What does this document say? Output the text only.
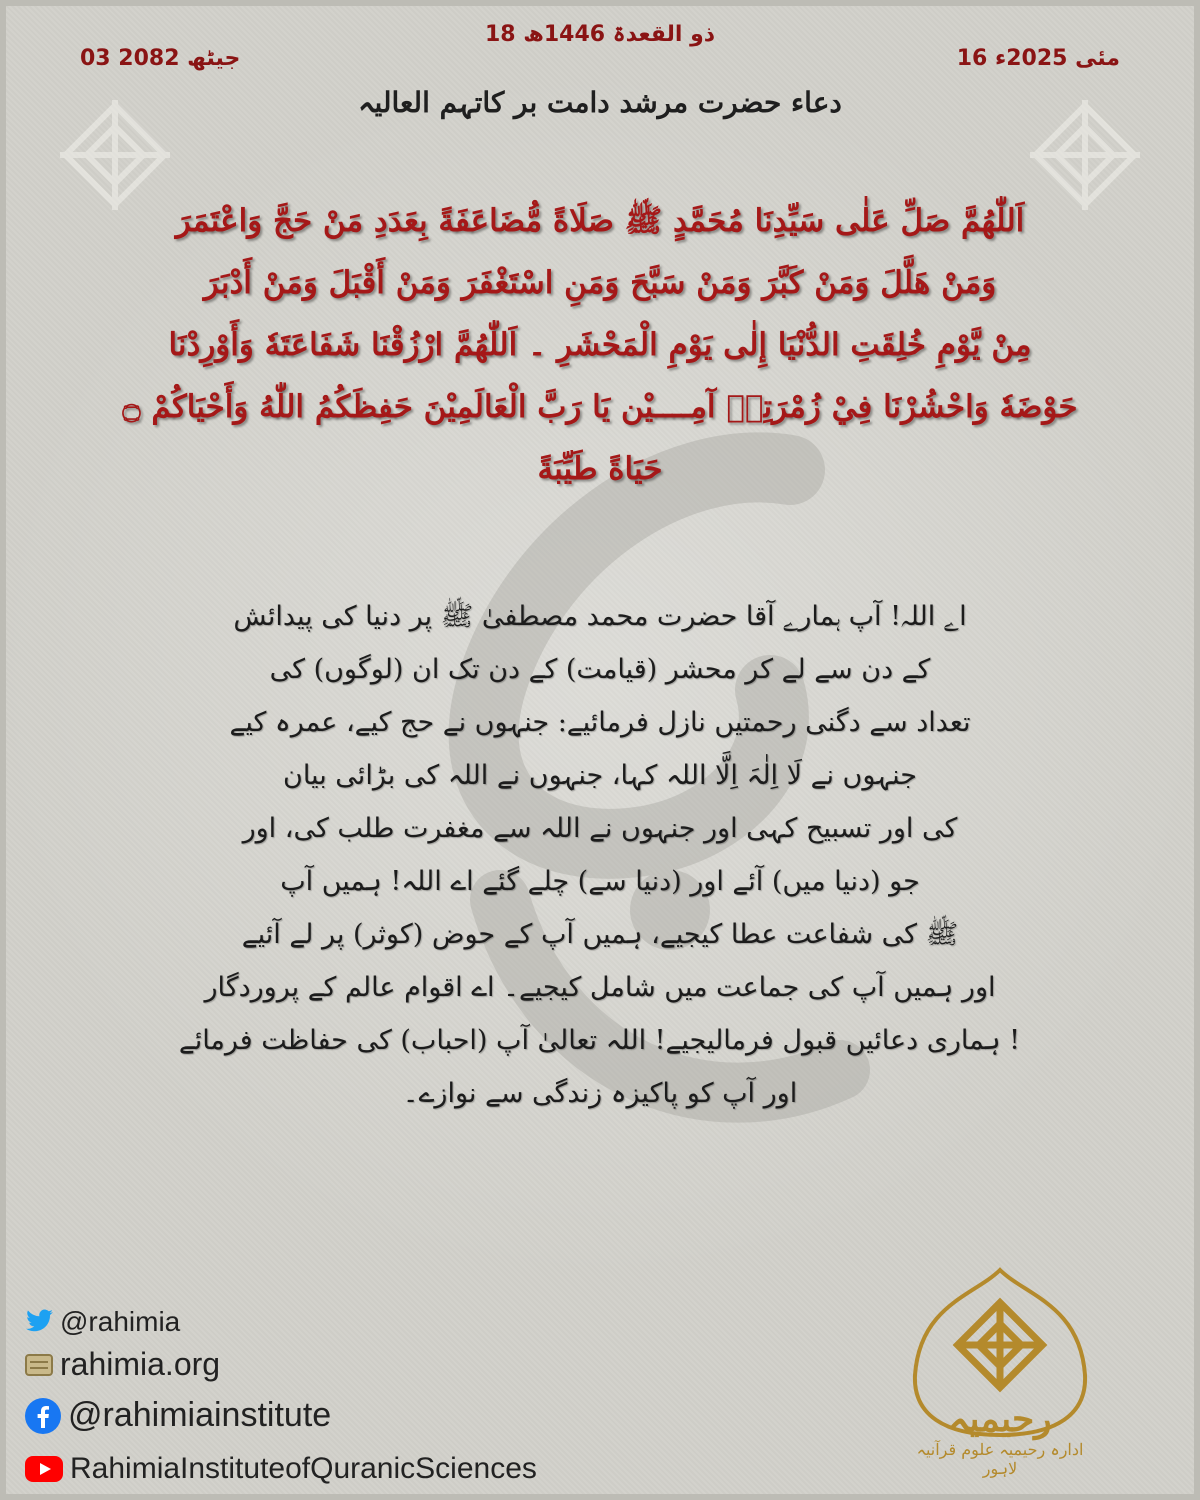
18 ذو القعدۃ 1446ھ
16 مئی 2025ء
03 جیٹھ 2082
دعاء حضرت مرشد دامت بر کاتہم العالیہ
اَللّٰهُمَّ صَلِّ عَلٰى سَيِّدِنَا مُحَمَّدٍ ﷺ صَلَاةً مُّضَاعَفَةً بِعَدَدِ مَنْ حَجَّ وَاعْتَمَرَ
وَمَنْ هَلَّلَ وَمَنْ كَبَّرَ وَمَنْ سَبَّحَ وَمَنِ اسْتَغْفَرَ وَمَنْ أَقْبَلَ وَمَنْ أَدْبَرَ
مِنْ يَّوْمِ خُلِقَتِ الدُّنْيَا إِلٰى يَوْمِ الْمَحْشَرِ ۔ اَللّٰهُمَّ ارْزُقْنَا شَفَاعَتَهٗ وَأَوْرِدْنَا
حَوْضَهٗ وَاحْشُرْنَا فِيْ زُمْرَتِهٖ آمِــــيْن يَا رَبَّ الْعَالَمِيْنَ حَفِظَكُمُ اللّٰهُ وَأَحْيَاكُمْ ۝
حَيَاةً طَيِّبَةً
اے اللہ! آپ ہمارے آقا حضرت محمد مصطفیٰ ﷺ پر دنیا کی پیدائش
کے دن سے لے کر محشر (قیامت) کے دن تک ان (لوگوں) کی
تعداد سے دگنی رحمتیں نازل فرمائیے: جنہوں نے حج کیے، عمرہ کیے
جنہوں نے لَا اِلٰہَ اِلَّا اللہ کہا، جنہوں نے اللہ کی بڑائی بیان
کی اور تسبیح کہی اور جنہوں نے اللہ سے مغفرت طلب کی، اور
جو (دنیا میں) آئے اور (دنیا سے) چلے گئے اے اللہ! ہمیں آپ
ﷺ کی شفاعت عطا کیجیے، ہمیں آپ کے حوض (کوثر) پر لے آئیے
اور ہمیں آپ کی جماعت میں شامل کیجیے۔ اے اقوام عالم کے پروردگار
! ہماری دعائیں قبول فرمالیجیے! اللہ تعالیٰ آپ (احباب) کی حفاظت فرمائے
اور آپ کو پاکیزہ زندگی سے نوازے۔
@rahimia
rahimia.org
@rahimiainstitute
RahimiaInstituteofQuranicSciences
رحیمیہ
ادارہ رحیمیہ علوم قرآنیہ لاہور
